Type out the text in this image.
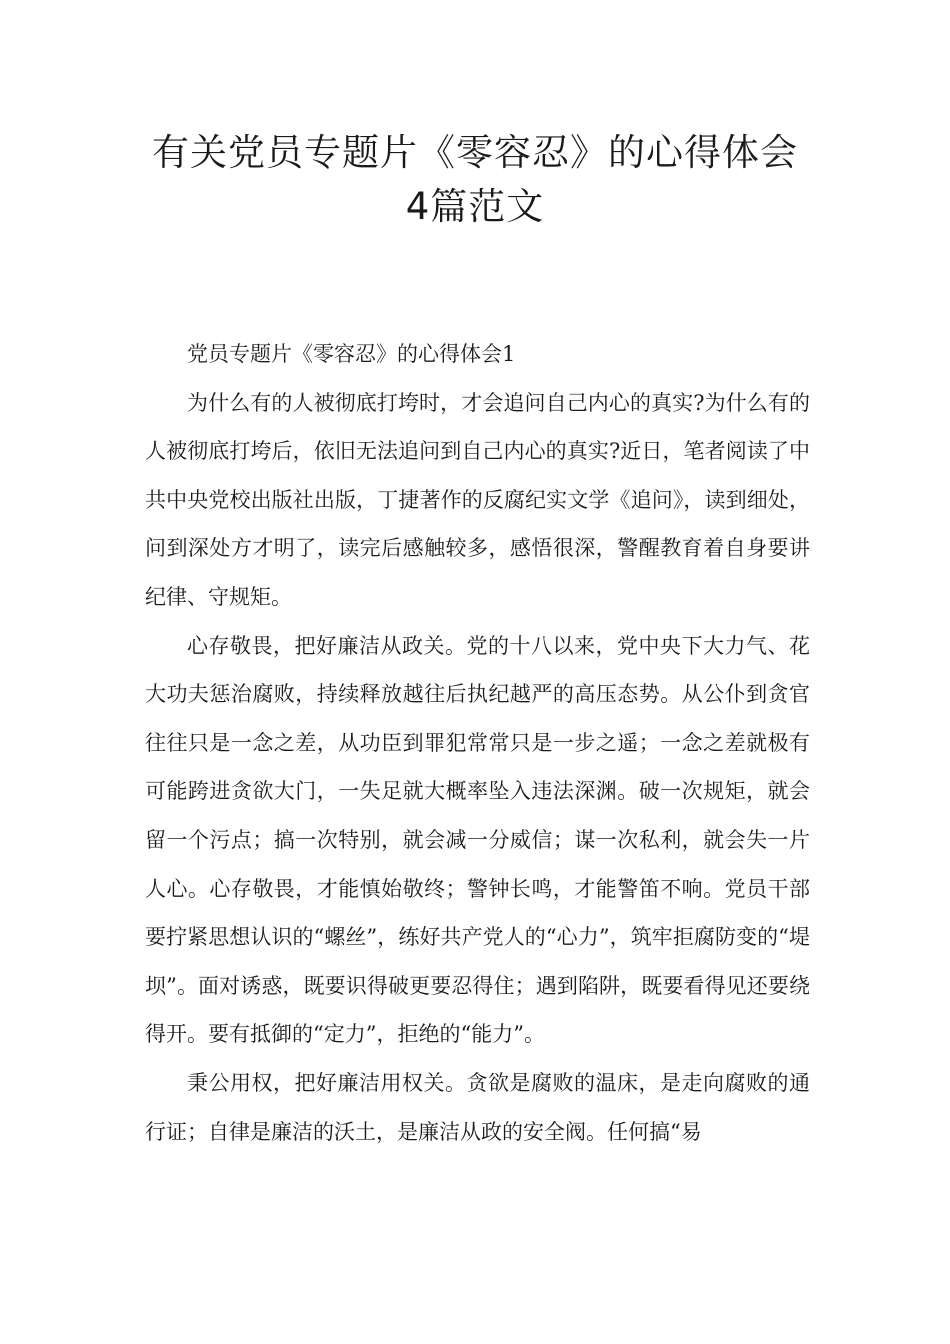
有关党员专题片《零容忍》的心得体会
4篇范文

党员专题片《零容忍》的心得体会1

为什么有的人被彻底打垮时，才会追问自己内心的真实?为什么有的人被彻底打垮后，依旧无法追问到自己内心的真实?近日，笔者阅读了中共中央党校出版社出版，丁捷著作的反腐纪实文学《追问》，读到细处，问到深处方才明了，读完后感触较多，感悟很深，警醒教育着自身要讲纪律、守规矩。

心存敬畏，把好廉洁从政关。党的十八以来，党中央下大力气、花大功夫惩治腐败，持续释放越往后执纪越严的高压态势。从公仆到贪官往往只是一念之差，从功臣到罪犯常常只是一步之遥；一念之差就极有可能跨进贪欲大门，一失足就大概率坠入违法深渊。破一次规矩，就会留一个污点；搞一次特别，就会减一分威信；谋一次私利，就会失一片人心。心存敬畏，才能慎始敬终；警钟长鸣，才能警笛不响。党员干部要拧紧思想认识的“螺丝”，练好共产党人的“心力”，筑牢拒腐防变的“堤坝”。面对诱惑，既要识得破更要忍得住；遇到陷阱，既要看得见还要绕得开。要有抵御的“定力”，拒绝的“能力”。

秉公用权，把好廉洁用权关。贪欲是腐败的温床，是走向腐败的通行证；自律是廉洁的沃土，是廉洁从政的安全阀。任何搞“易
